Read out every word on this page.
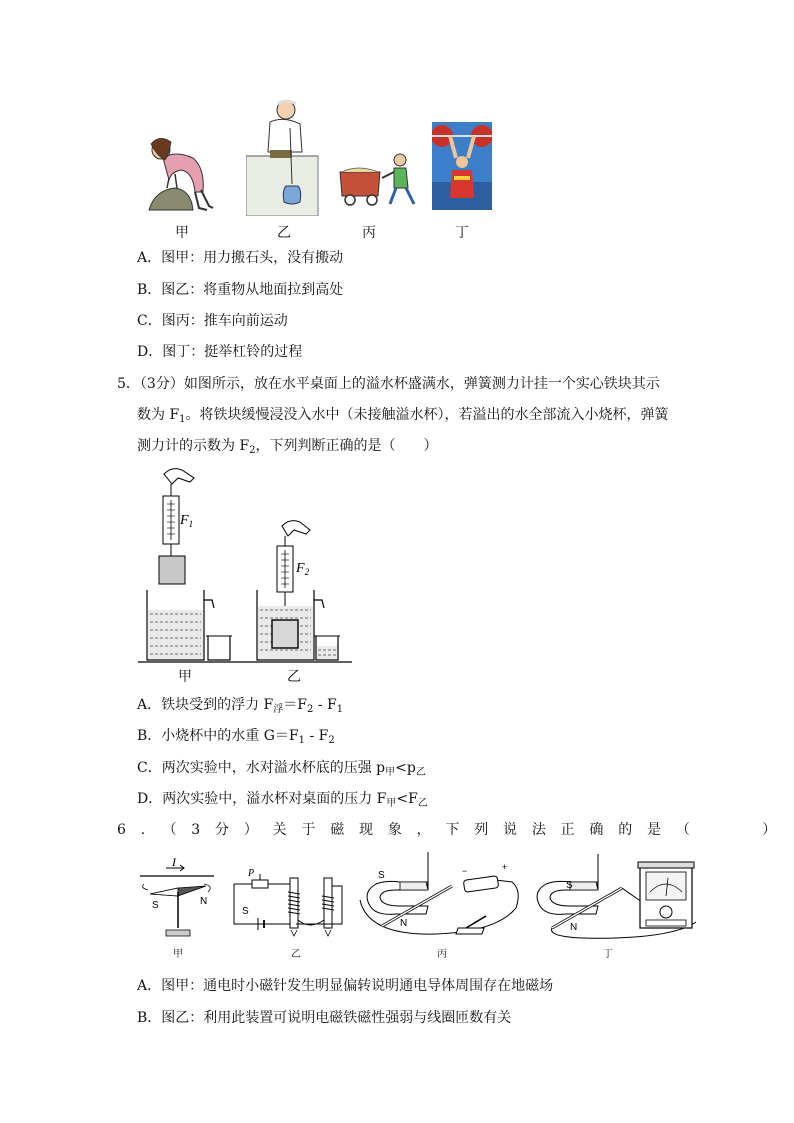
甲	乙	丙	丁
A．图甲：用力搬石头，没有搬动
B．图乙：将重物从地面拉到高处
C．图丙：推车向前运动
D．图丁：挺举杠铃的过程
5．（3分）如图所示，放在水平桌面上的溢水杯盛满水，弹簧测力计挂一个实心铁块其示
数为 $F_1$。将铁块缓慢浸没入水中（未接触溢水杯），若溢出的水全部流入小烧杯，弹簧
测力计的示数为 $F_2$，下列判断正确的是（　　）
$F_1$
$F_2$
甲	乙
A．铁块受到的浮力 $F_浮=F_2 - F_1$
B．小烧杯中的水重 $G=F_1 - F_2$
C．两次实验中，水对溢水杯底的压强 $p_甲<p_乙$
D．两次实验中，溢水杯对桌面的压力 $F_甲<F_乙$
6．（3分）关于磁现象，下列说法正确的是（　　）
I
S	N
P
S
S
N
−	+
S
N
甲	乙	丙	丁
A．图甲：通电时小磁针发生明显偏转说明通电导体周围存在地磁场
B．图乙：利用此装置可说明电磁铁磁性强弱与线圈匝数有关
